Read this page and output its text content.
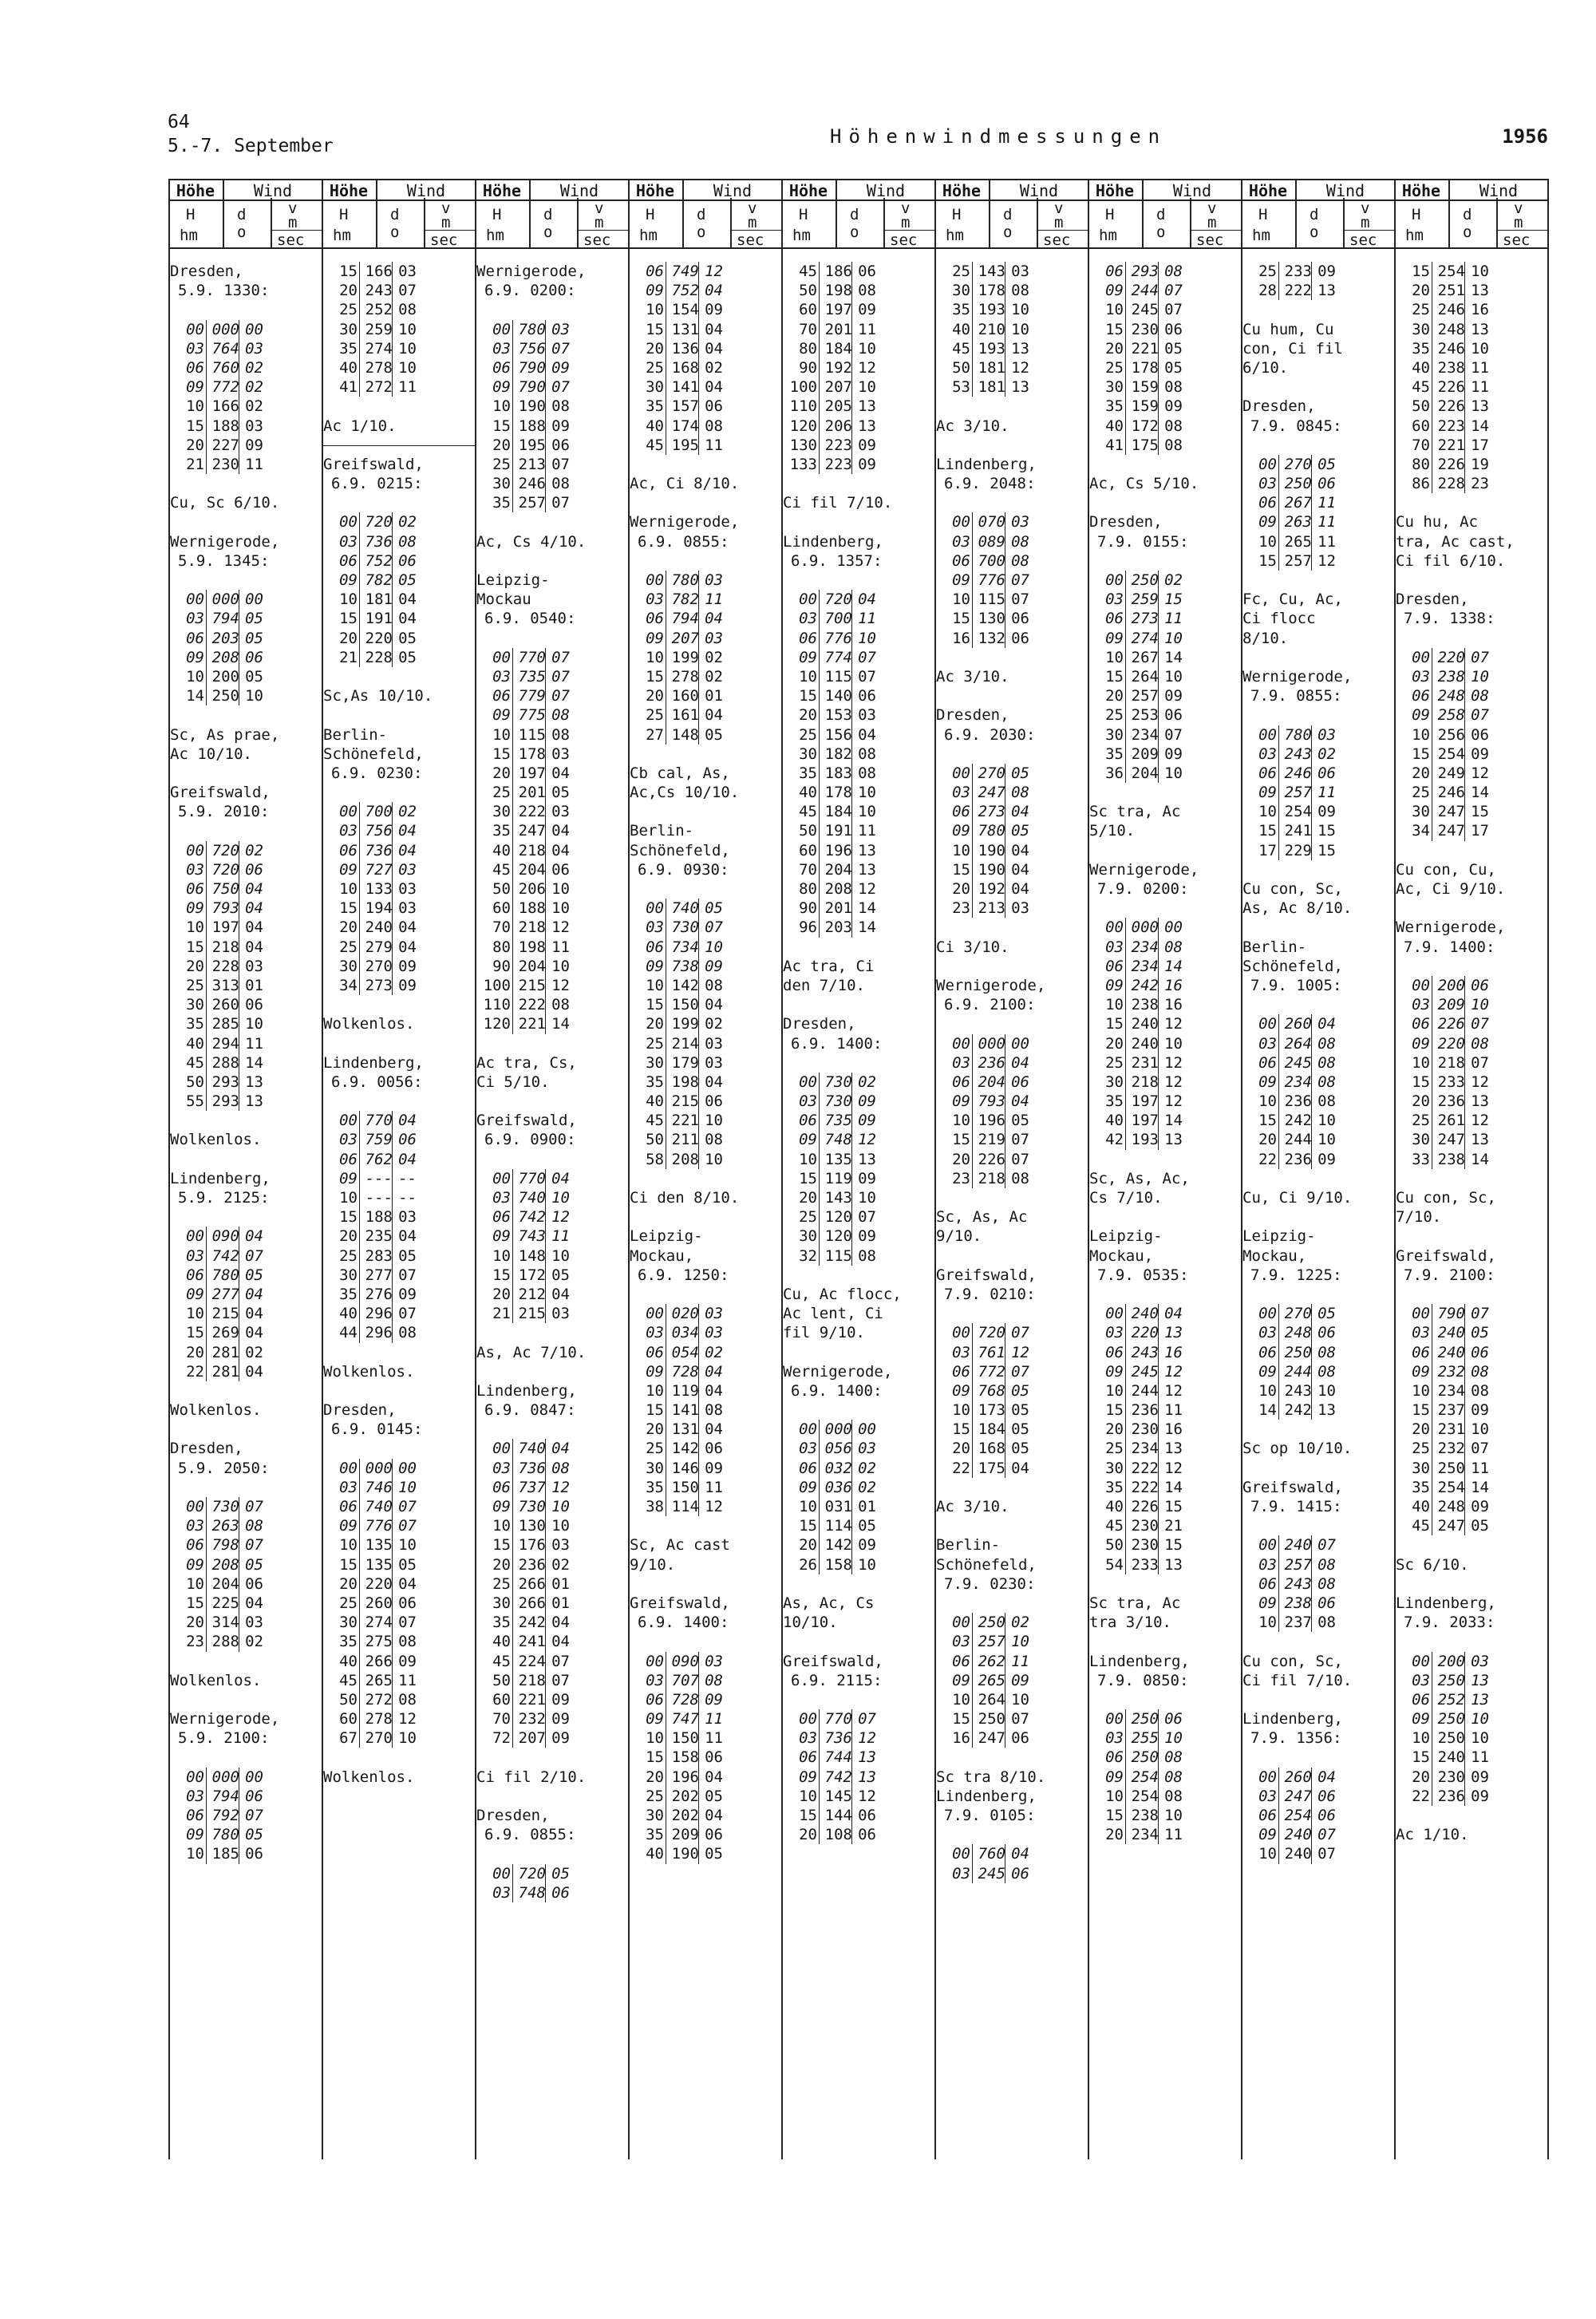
64
5.-7. September	Höhenwindmessungen	1956
Höhe	Wind
H
hm
d
o
v
m
sec
Dresden,
5.9. 1330:
00 000 00
03 764 03
06 760 02
09 772 02
10 166 02
15 188 03
20 227 09
21 230 11
Cu, Sc 6/10.
Wernigerode,
5.9. 1345:
00 000 00
03 794 05
06 203 05
09 208 06
10 200 05
14 250 10
Sc, As prae,
Ac 10/10.
Greifswald,
5.9. 2010:
00 720 02
03 720 06
06 750 04
09 793 04
10 197 04
15 218 04
20 228 03
25 313 01
30 260 06
35 285 10
40 294 11
45 288 14
50 293 13
55 293 13
Wolkenlos.
Lindenberg,
5.9. 2125:
00 090 04
03 742 07
06 780 05
09 277 04
10 215 04
15 269 04
20 281 02
22 281 04
Wolkenlos.
Dresden,
5.9. 2050:
00 730 07
03 263 08
06 798 07
09 208 05
10 204 06
15 225 04
20 314 03
23 288 02
Wolkenlos.
Wernigerode,
5.9. 2100:
00 000 00
03 794 06
06 792 07
09 780 05
10 185 06
Höhe	Wind
H
hm
d
o
v
m
sec
15 166 03
20 243 07
25 252 08
30 259 10
35 274 10
40 278 10
41 272 11
Ac 1/10.
Greifswald,
6.9. 0215:
00 720 02
03 736 08
06 752 06
09 782 05
10 181 04
15 191 04
20 220 05
21 228 05
Sc,As 10/10.
Berlin-
Schönefeld,
6.9. 0230:
00 700 02
03 756 04
06 736 04
09 727 03
10 133 03
15 194 03
20 240 04
25 279 04
30 270 09
34 273 09
Wolkenlos.
Lindenberg,
6.9. 0056:
00 770 04
03 759 06
06 762 04
09 --- --
10 --- --
15 188 03
20 235 04
25 283 05
30 277 07
35 276 09
40 296 07
44 296 08
Wolkenlos.
Dresden,
6.9. 0145:
00 000 00
03 746 10
06 740 07
09 776 07
10 135 10
15 135 05
20 220 04
25 260 06
30 274 07
35 275 08
40 266 09
45 265 11
50 272 08
60 278 12
67 270 10
Wolkenlos.
Höhe	Wind
H
hm
d
o
v
m
sec
Wernigerode,
6.9. 0200:
00 780 03
03 756 07
06 790 09
09 790 07
10 190 08
15 188 09
20 195 06
25 213 07
30 246 08
35 257 07
Ac, Cs 4/10.
Leipzig-
Mockau
6.9. 0540:
00 770 07
03 735 07
06 779 07
09 775 08
10 115 08
15 178 03
20 197 04
25 201 05
30 222 03
35 247 04
40 218 04
45 204 06
50 206 10
60 188 10
70 218 12
80 198 11
90 204 10
100 215 12
110 222 08
120 221 14
Ac tra, Cs,
Ci 5/10.
Greifswald,
6.9. 0900:
00 770 04
03 740 10
06 742 12
09 743 11
10 148 10
15 172 05
20 212 04
21 215 03
As, Ac 7/10.
Lindenberg,
6.9. 0847:
00 740 04
03 736 08
06 737 12
09 730 10
10 130 10
15 176 03
20 236 02
25 266 01
30 266 01
35 242 04
40 241 04
45 224 07
50 218 07
60 221 09
70 232 09
72 207 09
Ci fil 2/10.
Dresden,
6.9. 0855:
00 720 05
03 748 06
Höhe	Wind
H
hm
d
o
v
m
sec
06 749 12
09 752 04
10 154 09
15 131 04
20 136 04
25 168 02
30 141 04
35 157 06
40 174 08
45 195 11
Ac, Ci 8/10.
Wernigerode,
6.9. 0855:
00 780 03
03 782 11
06 794 04
09 207 03
10 199 02
15 278 02
20 160 01
25 161 04
27 148 05
Cb cal, As,
Ac,Cs 10/10.
Berlin-
Schönefeld,
6.9. 0930:
00 740 05
03 730 07
06 734 10
09 738 09
10 142 08
15 150 04
20 199 02
25 214 03
30 179 03
35 198 04
40 215 06
45 221 10
50 211 08
58 208 10
Ci den 8/10.
Leipzig-
Mockau,
6.9. 1250:
00 020 03
03 034 03
06 054 02
09 728 04
10 119 04
15 141 08
20 131 04
25 142 06
30 146 09
35 150 11
38 114 12
Sc, Ac cast
9/10.
Greifswald,
6.9. 1400:
00 090 03
03 707 08
06 728 09
09 747 11
10 150 11
15 158 06
20 196 04
25 202 05
30 202 04
35 209 06
40 190 05
Höhe	Wind
H
hm
d
o
v
m
sec
45 186 06
50 198 08
60 197 09
70 201 11
80 184 10
90 192 12
100 207 10
110 205 13
120 206 13
130 223 09
133 223 09
Ci fil 7/10.
Lindenberg,
6.9. 1357:
00 720 04
03 700 11
06 776 10
09 774 07
10 115 07
15 140 06
20 153 03
25 156 04
30 182 08
35 183 08
40 178 10
45 184 10
50 191 11
60 196 13
70 204 13
80 208 12
90 201 14
96 203 14
Ac tra, Ci
den 7/10.
Dresden,
6.9. 1400:
00 730 02
03 730 09
06 735 09
09 748 12
10 135 13
15 119 09
20 143 10
25 120 07
30 120 09
32 115 08
Cu, Ac flocc,
Ac lent, Ci
fil 9/10.
Wernigerode,
6.9. 1400:
00 000 00
03 056 03
06 032 02
09 036 02
10 031 01
15 114 05
20 142 09
26 158 10
As, Ac, Cs
10/10.
Greifswald,
6.9. 2115:
00 770 07
03 736 12
06 744 13
09 742 13
10 145 12
15 144 06
20 108 06
Höhe	Wind
H
hm
d
o
v
m
sec
25 143 03
30 178 08
35 193 10
40 210 10
45 193 13
50 181 12
53 181 13
Ac 3/10.
Lindenberg,
6.9. 2048:
00 070 03
03 089 08
06 700 08
09 776 07
10 115 07
15 130 06
16 132 06
Ac 3/10.
Dresden,
6.9. 2030:
00 270 05
03 247 08
06 273 04
09 780 05
10 190 04
15 190 04
20 192 04
23 213 03
Ci 3/10.
Wernigerode,
6.9. 2100:
00 000 00
03 236 04
06 204 06
09 793 04
10 196 05
15 219 07
20 226 07
23 218 08
Sc, As, Ac
9/10.
Greifswald,
7.9. 0210:
00 720 07
03 761 12
06 772 07
09 768 05
10 173 05
15 184 05
20 168 05
22 175 04
Ac 3/10.
Berlin-
Schönefeld,
7.9. 0230:
00 250 02
03 257 10
06 262 11
09 265 09
10 264 10
15 250 07
16 247 06
Sc tra 8/10.
Lindenberg,
7.9. 0105:
00 760 04
03 245 06
Höhe	Wind
H
hm
d
o
v
m
sec
06 293 08
09 244 07
10 245 07
15 230 06
20 221 05
25 178 05
30 159 08
35 159 09
40 172 08
41 175 08
Ac, Cs 5/10.
Dresden,
7.9. 0155:
00 250 02
03 259 15
06 273 11
09 274 10
10 267 14
15 264 10
20 257 09
25 253 06
30 234 07
35 209 09
36 204 10
Sc tra, Ac
5/10.
Wernigerode,
7.9. 0200:
00 000 00
03 234 08
06 234 14
09 242 16
10 238 16
15 240 12
20 240 10
25 231 12
30 218 12
35 197 12
40 197 14
42 193 13
Sc, As, Ac,
Cs 7/10.
Leipzig-
Mockau,
7.9. 0535:
00 240 04
03 220 13
06 243 16
09 245 12
10 244 12
15 236 11
20 230 16
25 234 13
30 222 12
35 222 14
40 226 15
45 230 21
50 230 15
54 233 13
Sc tra, Ac
tra 3/10.
Lindenberg,
7.9. 0850:
00 250 06
03 255 10
06 250 08
09 254 08
10 254 08
15 238 10
20 234 11
Höhe	Wind
H
hm
d
o
v
m
sec
25 233 09
28 222 13
Cu hum, Cu
con, Ci fil
6/10.
Dresden,
7.9. 0845:
00 270 05
03 250 06
06 267 11
09 263 11
10 265 11
15 257 12
Fc, Cu, Ac,
Ci flocc
8/10.
Wernigerode,
7.9. 0855:
00 780 03
03 243 02
06 246 06
09 257 11
10 254 09
15 241 15
17 229 15
Cu con, Sc,
As, Ac 8/10.
Berlin-
Schönefeld,
7.9. 1005:
00 260 04
03 264 08
06 245 08
09 234 08
10 236 08
15 242 10
20 244 10
22 236 09
Cu, Ci 9/10.
Leipzig-
Mockau,
7.9. 1225:
00 270 05
03 248 06
06 250 08
09 244 08
10 243 10
14 242 13
Sc op 10/10.
Greifswald,
7.9. 1415:
00 240 07
03 257 08
06 243 08
09 238 06
10 237 08
Cu con, Sc,
Ci fil 7/10.
Lindenberg,
7.9. 1356:
00 260 04
03 247 06
06 254 06
09 240 07
10 240 07
Höhe	Wind
H
hm
d
o
v
m
sec
15 254 10
20 251 13
25 246 16
30 248 13
35 246 10
40 238 11
45 226 11
50 226 13
60 223 14
70 221 17
80 226 19
86 228 23
Cu hu, Ac
tra, Ac cast,
Ci fil 6/10.
Dresden,
7.9. 1338:
00 220 07
03 238 10
06 248 08
09 258 07
10 256 06
15 254 09
20 249 12
25 246 14
30 247 15
34 247 17
Cu con, Cu,
Ac, Ci 9/10.
Wernigerode,
7.9. 1400:
00 200 06
03 209 10
06 226 07
09 220 08
10 218 07
15 233 12
20 236 13
25 261 12
30 247 13
33 238 14
Cu con, Sc,
7/10.
Greifswald,
7.9. 2100:
00 790 07
03 240 05
06 240 06
09 232 08
10 234 08
15 237 09
20 231 10
25 232 07
30 250 11
35 254 14
40 248 09
45 247 05
Sc 6/10.
Lindenberg,
7.9. 2033:
00 200 03
03 250 13
06 252 13
09 250 10
10 250 10
15 240 11
20 230 09
22 236 09
Ac 1/10.
